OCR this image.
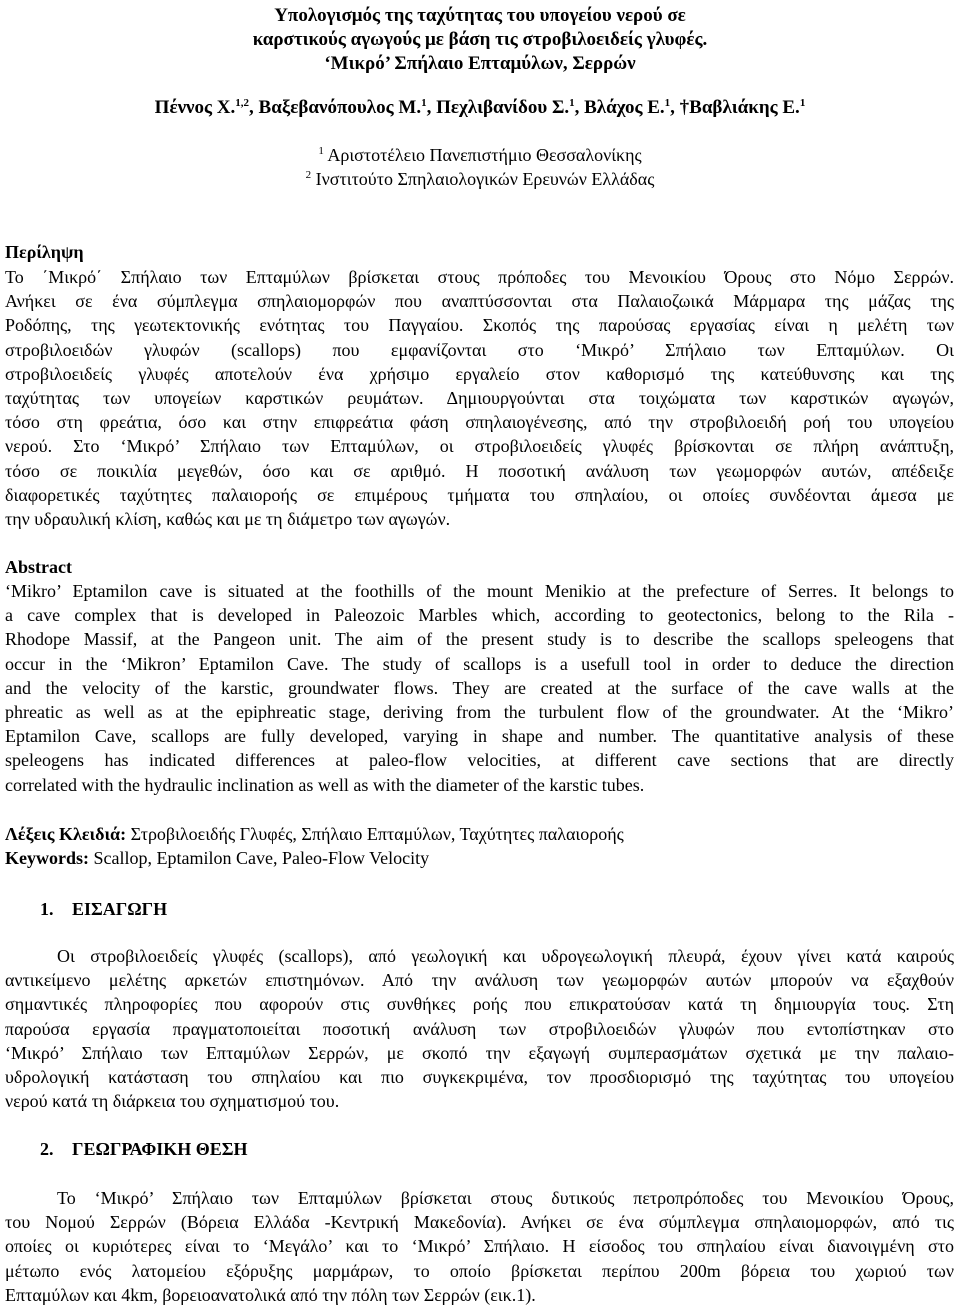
Υπολογισμός της ταχύτητας του υπογείου νερού σε
καρστικούς αγωγούς με βάση τις στροβιλοειδείς γλυφές.
‘Μικρό’ Σπήλαιο Επταμύλων, Σερρών
Πέννος Χ.$^{1,2}$, Βαξεβανόπουλος Μ.$^1$, Πεχλιβανίδου Σ.$^1$, Βλάχος Ε.$^1$, †Βαβλιάκης Ε.$^1$
$^1$ Αριστοτέλειο Πανεπιστήμιο Θεσσαλονίκης
$^2$ Ινστιτούτο Σπηλαιολογικών Ερευνών Ελλάδας
Περίληψη
Το ΄Μικρό΄ Σπήλαιο των Επταμύλων βρίσκεται στους πρόποδες του Μενοικίου Όρους στο Νόμο Σερρών.
Ανήκει σε ένα σύμπλεγμα σπηλαιομορφών που αναπτύσσονται στα Παλαιοζωικά Μάρμαρα της μάζας της
Ροδόπης, της γεωτεκτονικής ενότητας του Παγγαίου. Σκοπός της παρούσας εργασίας είναι η μελέτη των
στροβιλοειδών γλυφών (scallops) που εμφανίζονται στο ‘Μικρό’ Σπήλαιο των Επταμύλων. Οι
στροβιλοειδείς γλυφές αποτελούν ένα χρήσιμο εργαλείο στον καθορισμό της κατεύθυνσης και της
ταχύτητας των υπογείων καρστικών ρευμάτων. Δημιουργούνται στα τοιχώματα των καρστικών αγωγών,
τόσο στη φρεάτια, όσο και στην επιφρεάτια φάση σπηλαιογένεσης, από την στροβιλοειδή ροή του υπογείου
νερού. Στο ‘Μικρό’ Σπήλαιο των Επταμύλων, οι στροβιλοειδείς γλυφές βρίσκονται σε πλήρη ανάπτυξη,
τόσο σε ποικιλία μεγεθών, όσο και σε αριθμό. Η ποσοτική ανάλυση των γεωμορφών αυτών, απέδειξε
διαφορετικές ταχύτητες παλαιοροής σε επιμέρους τμήματα του σπηλαίου, οι οποίες συνδέονται άμεσα με
την υδραυλική κλίση, καθώς και με τη διάμετρο των αγωγών.
Abstract
‘Mikro’ Eptamilon cave is situated at the foothills of the mount Menikio at the prefecture of Serres. It belongs to
a cave complex that is developed in Paleozoic Marbles which, according to geotectonics, belong to the Rila -
Rhodope Massif, at the Pangeon unit. The aim of the present study is to describe the scallops speleogens that
occur in the ‘Mikron’ Eptamilon Cave. The study of scallops is a usefull tool in order to deduce the direction
and the velocity of the karstic, groundwater flows. They are created at the surface of the cave walls at the
phreatic as well as at the epiphreatic stage, deriving from the turbulent flow of the groundwater. At the ‘Mikro’
Eptamilon Cave, scallops are fully developed, varying in shape and number. The quantitative analysis of these
speleogens has indicated differences at paleo-flow velocities, at different cave sections that are directly
correlated with the hydraulic inclination as well as with the diameter of the karstic tubes.
Λέξεις Κλειδιά: Στροβιλοειδής Γλυφές, Σπήλαιο Επταμύλων, Ταχύτητες παλαιοροής
Keywords: Scallop, Eptamilon Cave, Paleo-Flow Velocity
1. ΕΙΣΑΓΩΓΗ
Οι στροβιλοειδείς γλυφές (scallops), από γεωλογική και υδρογεωλογική πλευρά, έχουν γίνει κατά καιρούς
αντικείμενο μελέτης αρκετών επιστημόνων. Από την ανάλυση των γεωμορφών αυτών μπορούν να εξαχθούν
σημαντικές πληροφορίες που αφορούν στις συνθήκες ροής που επικρατούσαν κατά τη δημιουργία τους. Στη
παρούσα εργασία πραγματοποιείται ποσοτική ανάλυση των στροβιλοειδών γλυφών που εντοπίστηκαν στο
‘Μικρό’ Σπήλαιο των Επταμύλων Σερρών, με σκοπό την εξαγωγή συμπερασμάτων σχετικά με την παλαιο-
υδρολογική κατάσταση του σπηλαίου και πιο συγκεκριμένα, τον προσδιορισμό της ταχύτητας του υπογείου
νερού κατά τη διάρκεια του σχηματισμού του.
2. ΓΕΩΓΡΑΦΙΚΗ ΘΕΣΗ
Το ‘Μικρό’ Σπήλαιο των Επταμύλων βρίσκεται στους δυτικούς πετροπρόποδες του Μενοικίου Όρους,
του Νομού Σερρών (Βόρεια Ελλάδα -Κεντρική Μακεδονία). Ανήκει σε ένα σύμπλεγμα σπηλαιομορφών, από τις
οποίες οι κυριότερες είναι το ‘Μεγάλο’ και το ‘Μικρό’ Σπήλαιο. Η είσοδος του σπηλαίου είναι διανοιγμένη στο
μέτωπο ενός λατομείου εξόρυξης μαρμάρων, το οποίο βρίσκεται περίπου 200m βόρεια του χωριού των
Επταμύλων και 4km, βορειοανατολικά από την πόλη των Σερρών (εικ.1).
